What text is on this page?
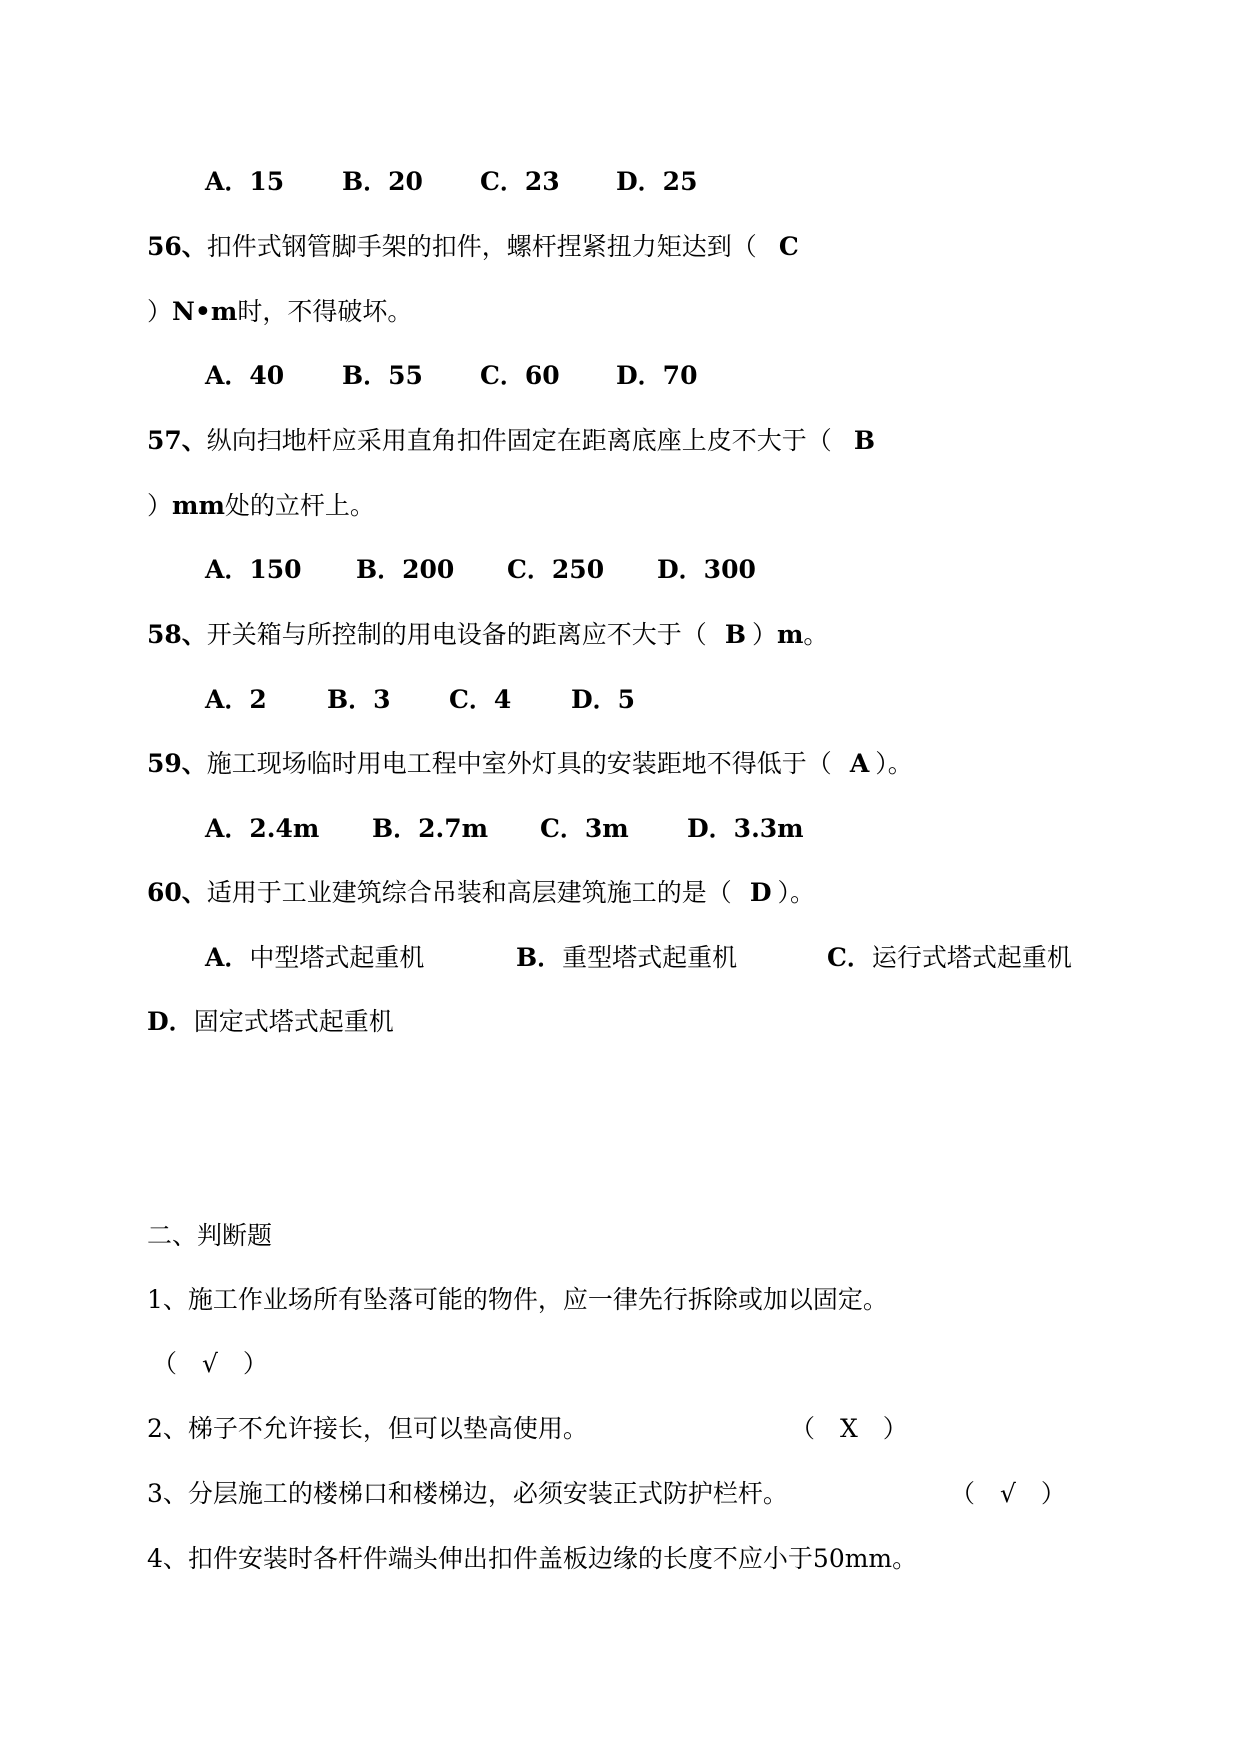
A．15 B．20 C．23 D．25
56、扣件式钢管脚手架的扣件，螺杆捏紧扭力矩达到（ C
）N•m时，不得破坏。
A．40 B．55 C．60 D．70
57、纵向扫地杆应采用直角扣件固定在距离底座上皮不大于（ B
）mm处的立杆上。
A．150 B．200 C．250 D．300
58、开关箱与所控制的用电设备的距离应不大于（ B ）m。
A．2 B．3 C．4 D．5
59、施工现场临时用电工程中室外灯具的安装距地不得低于（ A ）。
A．2.4m B．2.7m C．3m D．3.3m
60、适用于工业建筑综合吊装和高层建筑施工的是（ D ）。
A．中型塔式起重机	B．重型塔式起重机	C．运行式塔式起重机
D．固定式塔式起重机
二、判断题
1、施工作业场所有坠落可能的物件，应一律先行拆除或加以固定。
（　√　）
2、梯子不允许接长，但可以垫高使用。	（　X　）
3、分层施工的楼梯口和楼梯边，必须安装正式防护栏杆。	（　√　）
4、扣件安装时各杆件端头伸出扣件盖板边缘的长度不应小于50mm。
